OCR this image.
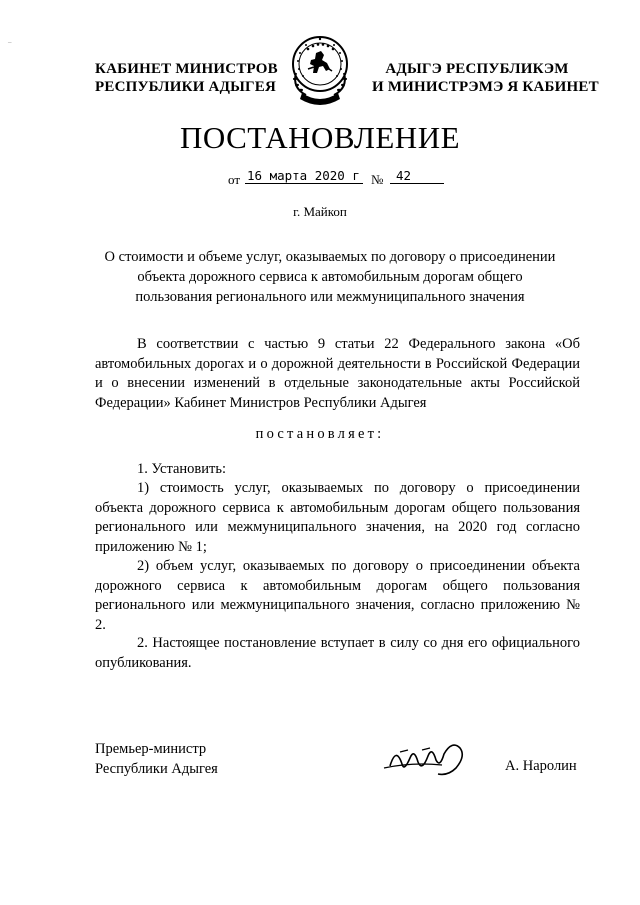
–
КАБИНЕТ МИНИСТРОВ
РЕСПУБЛИКИ АДЫГЕЯ
АДЫГЭ РЕСПУБЛИКЭМ
И МИНИСТРЭМЭ Я КАБИНЕТ
ПОСТАНОВЛЕНИЕ
от 16 марта 2020 г №	42
г. Майкоп
О стоимости и объеме услуг, оказываемых по договору о присоединении
объекта дорожного сервиса к автомобильным дорогам общего
пользования регионального или межмуниципального значения
В соответствии с частью 9 статьи 22 Федерального закона «Об автомобильных дорогах и о дорожной деятельности в Российской Федерации и о внесении изменений в отдельные законодательные акты Российской Федерации» Кабинет Министров Республики Адыгея
постановляет:
1. Установить:
1) стоимость услуг, оказываемых по договору о присоединении объекта дорожного сервиса к автомобильным дорогам общего пользования регионального или межмуниципального значения, на 2020 год согласно приложению № 1;
2) объем услуг, оказываемых по договору о присоединении объекта дорожного сервиса к автомобильным дорогам общего пользования регионального или межмуниципального значения, согласно приложению № 2.
2. Настоящее постановление вступает в силу со дня его официального опубликования.
Премьер-министр
Республики Адыгея	А. Наролин
